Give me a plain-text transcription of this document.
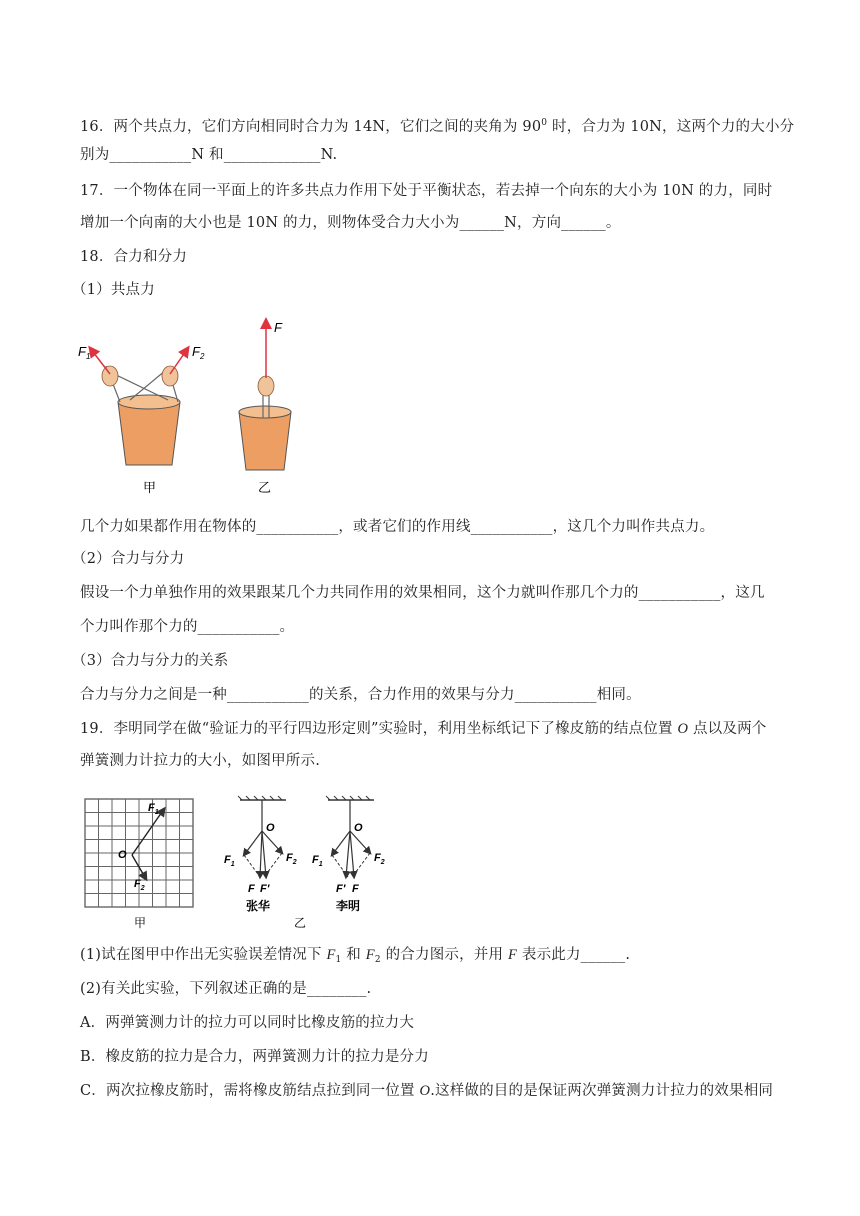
16．两个共点力，它们方向相同时合力为 14N，它们之间的夹角为 $90^0$ 时，合力为 10N，这两个力的大小分
别为___________N 和_____________N.
17．一个物体在同一平面上的许多共点力作用下处于平衡状态，若去掉一个向东的大小为 10N 的力，同时
增加一个向南的大小也是 10N 的力，则物体受合力大小为______N，方向______。
18．合力和分力
（1）共点力
$F_1$	$F_2$
甲
F
乙
几个力如果都作用在物体的___________，或者它们的作用线___________，这几个力叫作共点力。
（2）合力与分力
假设一个力单独作用的效果跟某几个力共同作用的效果相同，这个力就叫作那几个力的___________，这几
个力叫作那个力的___________。
（3）合力与分力的关系
合力与分力之间是一种___________的关系，合力作用的效果与分力___________相同。
19．李明同学在做“验证力的平行四边形定则”实验时，利用坐标纸记下了橡皮筋的结点位置 O 点以及两个
弹簧测力计拉力的大小，如图甲所示.
O
$F_1$
$F_2$
甲
O
$F_1$
$F_2$
F F′
张华
O
$F_1$
$F_2$
F′ F
李明
乙
(1)试在图甲中作出无实验误差情况下 $F_1$ 和 $F_2$ 的合力图示，并用 F 表示此力______.
(2)有关此实验，下列叙述正确的是________.
A．两弹簧测力计的拉力可以同时比橡皮筋的拉力大
B．橡皮筋的拉力是合力，两弹簧测力计的拉力是分力
C．两次拉橡皮筋时，需将橡皮筋结点拉到同一位置 O.这样做的目的是保证两次弹簧测力计拉力的效果相同
